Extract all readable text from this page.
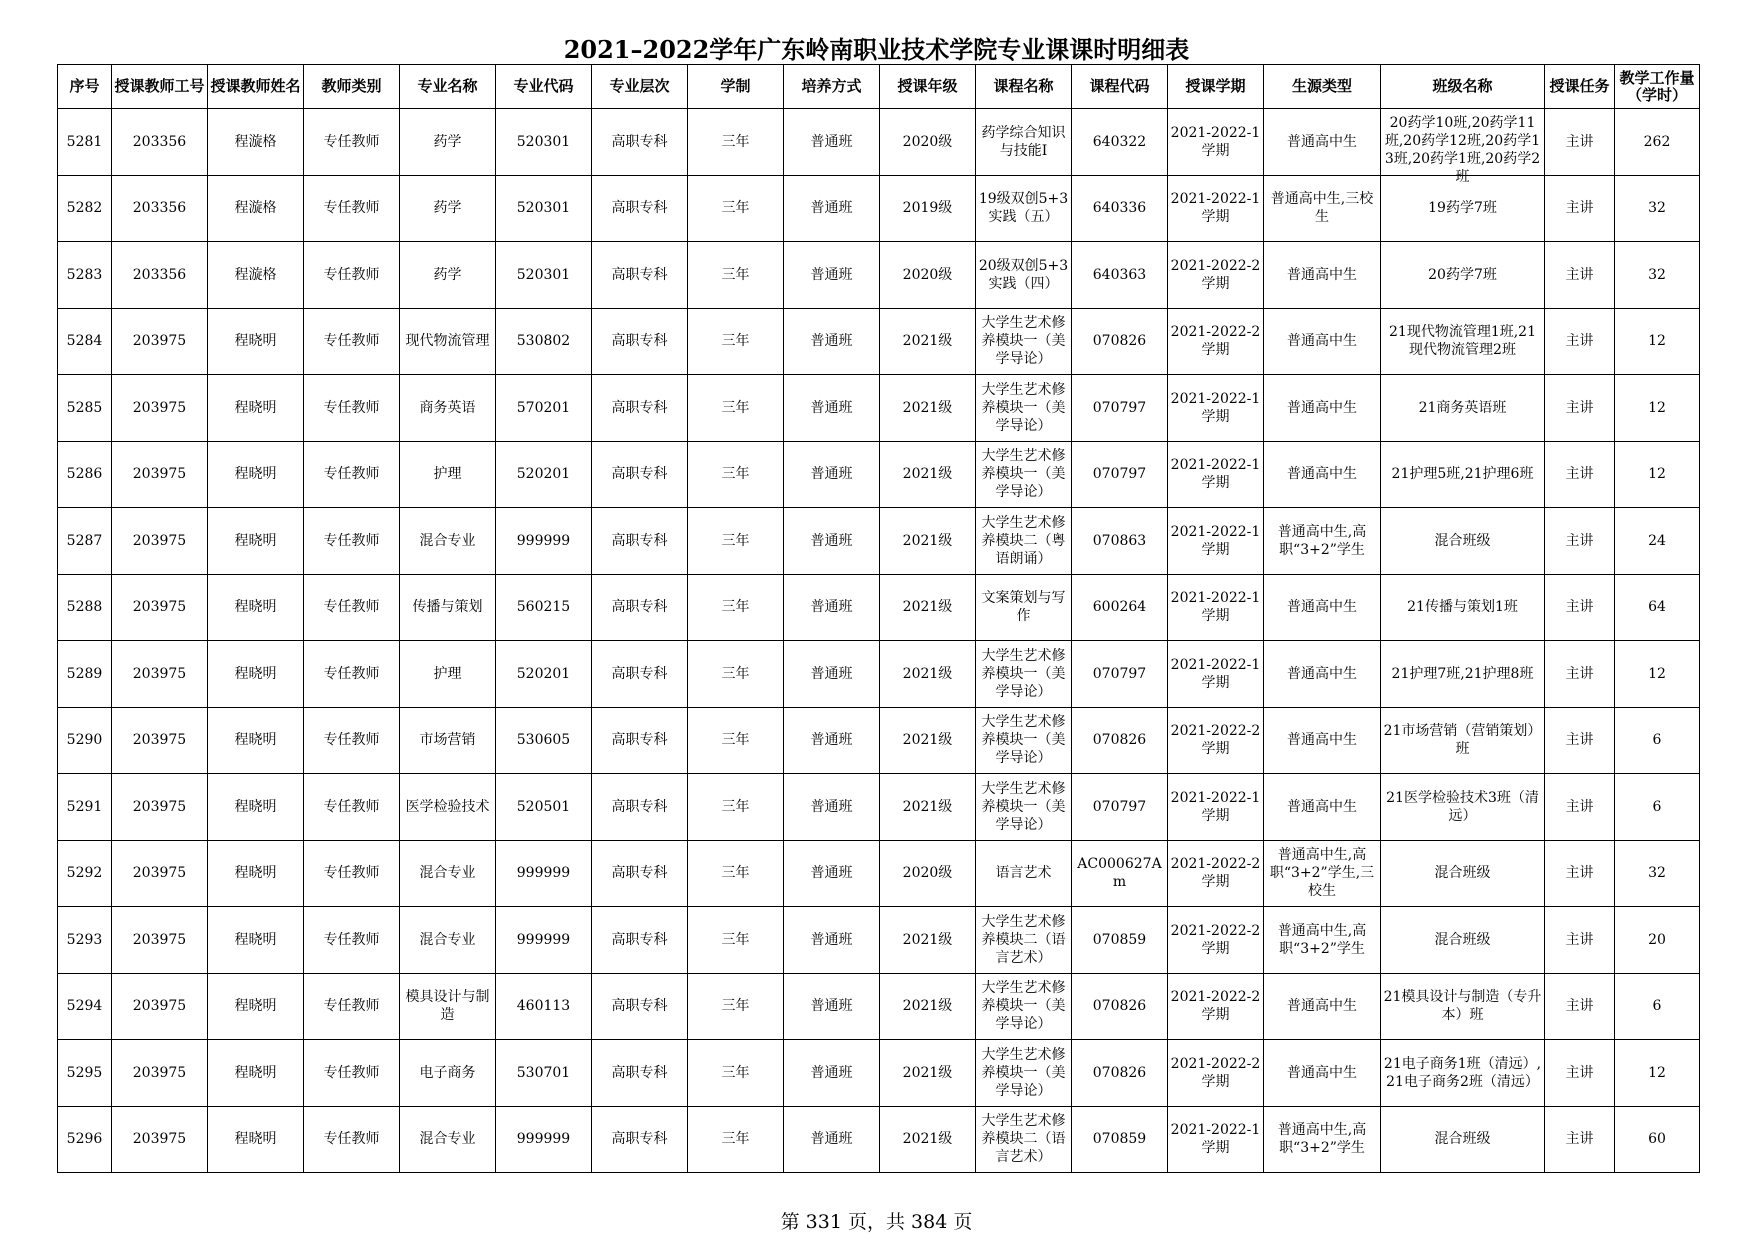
2021–2022学年广东岭南职业技术学院专业课课时明细表
序号	授课教师工号	授课教师姓名	教师类别	专业名称	专业代码	专业层次	学制	培养方式	授课年级	课程名称	课程代码	授课学期	生源类型	班级名称	授课任务	教学工作量（学时）

5281	203356	程漩格	专任教师	药学	520301	高职专科	三年	普通班	2020级	药学综合知识与技能I	640322	2021-2022-1学期	普通高中生	20药学10班,20药学11班,20药学12班,20药学13班,20药学1班,20药学2班	主讲	262

5282	203356	程漩格	专任教师	药学	520301	高职专科	三年	普通班	2019级	19级双创5+3实践（五）	640336	2021-2022-1学期	普通高中生,三校生	19药学7班	主讲	32

5283	203356	程漩格	专任教师	药学	520301	高职专科	三年	普通班	2020级	20级双创5+3实践（四）	640363	2021-2022-2学期	普通高中生	20药学7班	主讲	32

5284	203975	程晓明	专任教师	现代物流管理	530802	高职专科	三年	普通班	2021级	大学生艺术修养模块一（美学导论）	070826	2021-2022-2学期	普通高中生	21现代物流管理1班,21现代物流管理2班	主讲	12

5285	203975	程晓明	专任教师	商务英语	570201	高职专科	三年	普通班	2021级	大学生艺术修养模块一（美学导论）	070797	2021-2022-1学期	普通高中生	21商务英语班	主讲	12

5286	203975	程晓明	专任教师	护理	520201	高职专科	三年	普通班	2021级	大学生艺术修养模块一（美学导论）	070797	2021-2022-1学期	普通高中生	21护理5班,21护理6班	主讲	12

5287	203975	程晓明	专任教师	混合专业	999999	高职专科	三年	普通班	2021级	大学生艺术修养模块二（粤语朗诵）	070863	2021-2022-1学期	普通高中生,高职“3+2”学生	混合班级	主讲	24

5288	203975	程晓明	专任教师	传播与策划	560215	高职专科	三年	普通班	2021级	文案策划与写作	600264	2021-2022-1学期	普通高中生	21传播与策划1班	主讲	64

5289	203975	程晓明	专任教师	护理	520201	高职专科	三年	普通班	2021级	大学生艺术修养模块一（美学导论）	070797	2021-2022-1学期	普通高中生	21护理7班,21护理8班	主讲	12

5290	203975	程晓明	专任教师	市场营销	530605	高职专科	三年	普通班	2021级	大学生艺术修养模块一（美学导论）	070826	2021-2022-2学期	普通高中生	21市场营销（营销策划）班	主讲	6

5291	203975	程晓明	专任教师	医学检验技术	520501	高职专科	三年	普通班	2021级	大学生艺术修养模块一（美学导论）	070797	2021-2022-1学期	普通高中生	21医学检验技术3班（清远）	主讲	6

5292	203975	程晓明	专任教师	混合专业	999999	高职专科	三年	普通班	2020级	语言艺术	AC000627Am	2021-2022-2学期	普通高中生,高职“3+2”学生,三校生	混合班级	主讲	32

5293	203975	程晓明	专任教师	混合专业	999999	高职专科	三年	普通班	2021级	大学生艺术修养模块二（语言艺术）	070859	2021-2022-2学期	普通高中生,高职“3+2”学生	混合班级	主讲	20

5294	203975	程晓明	专任教师	模具设计与制造	460113	高职专科	三年	普通班	2021级	大学生艺术修养模块一（美学导论）	070826	2021-2022-2学期	普通高中生	21模具设计与制造（专升本）班	主讲	6

5295	203975	程晓明	专任教师	电子商务	530701	高职专科	三年	普通班	2021级	大学生艺术修养模块一（美学导论）	070826	2021-2022-2学期	普通高中生	21电子商务1班（清远）,21电子商务2班（清远）	主讲	12

5296	203975	程晓明	专任教师	混合专业	999999	高职专科	三年	普通班	2021级	大学生艺术修养模块二（语言艺术）	070859	2021-2022-1学期	普通高中生,高职“3+2”学生	混合班级	主讲	60
第 331 页，共 384 页
